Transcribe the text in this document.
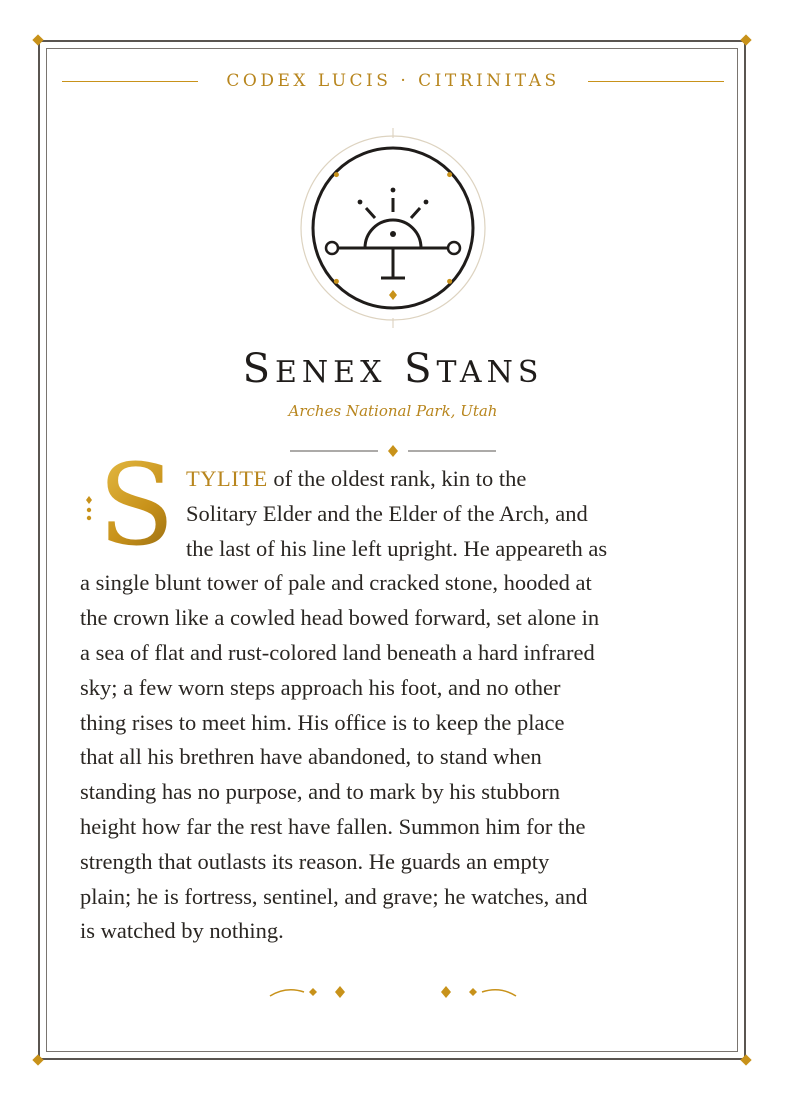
CODEX LUCIS · CITRINITAS
SENEX STANS
Arches National Park, Utah
S TYLITE of the oldest rank, kin to the
Solitary Elder and the Elder of the Arch, and
the last of his line left upright. He appeareth as
a single blunt tower of pale and cracked stone, hooded at
the crown like a cowled head bowed forward, set alone in
a sea of flat and rust-colored land beneath a hard infrared
sky; a few worn steps approach his foot, and no other
thing rises to meet him. His office is to keep the place
that all his brethren have abandoned, to stand when
standing has no purpose, and to mark by his stubborn
height how far the rest have fallen. Summon him for the
strength that outlasts its reason. He guards an empty
plain; he is fortress, sentinel, and grave; he watches, and
is watched by nothing.
